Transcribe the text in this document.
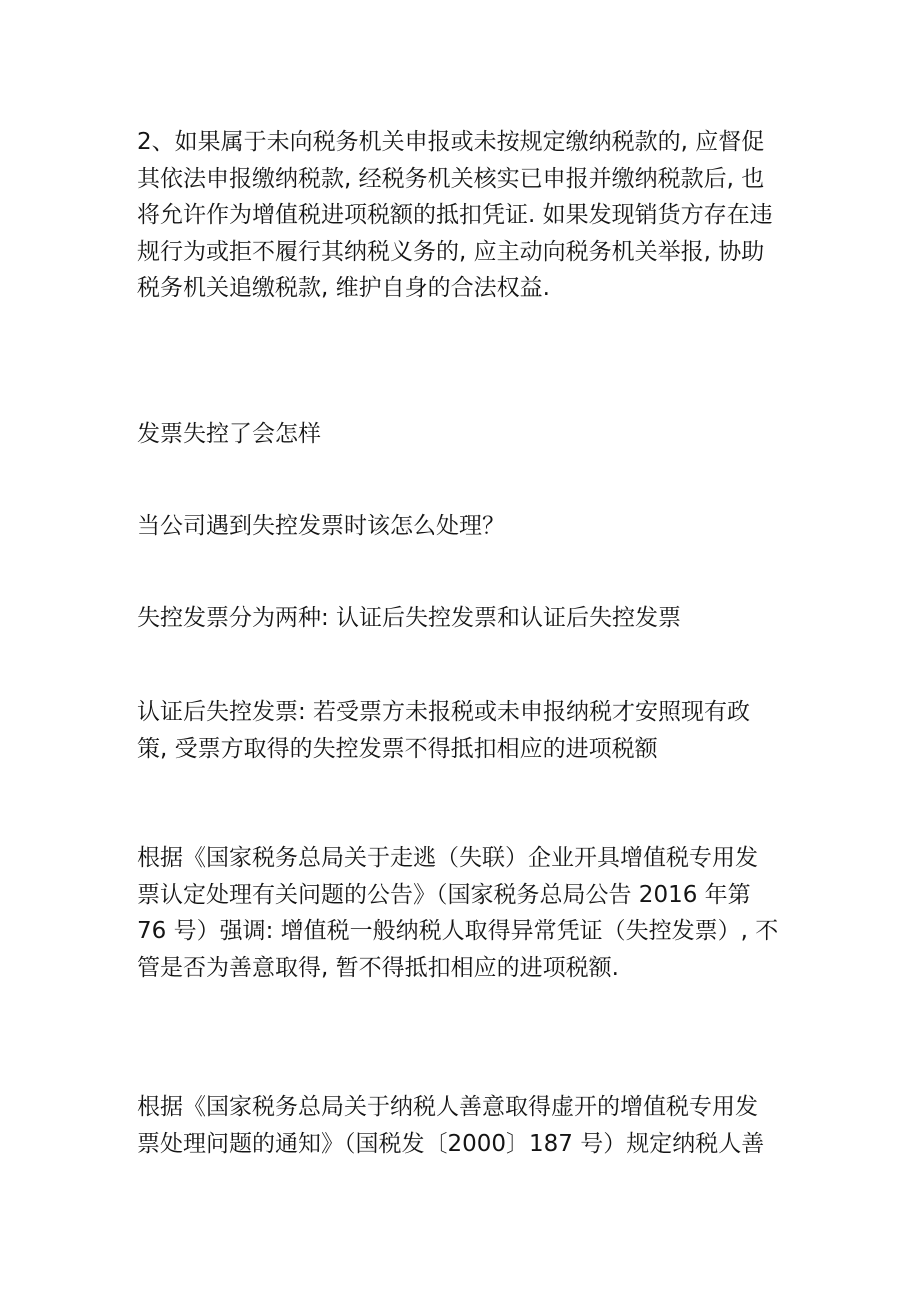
2、如果属于未向税务机关申报或未按规定缴纳税款的, 应督促
其依法申报缴纳税款, 经税务机关核实已申报并缴纳税款后, 也
将允许作为增值税进项税额的抵扣凭证. 如果发现销货方存在违
规行为或拒不履行其纳税义务的, 应主动向税务机关举报, 协助
税务机关追缴税款, 维护自身的合法权益.
发票失控了会怎样
当公司遇到失控发票时该怎么处理？
失控发票分为两种: 认证后失控发票和认证后失控发票
认证后失控发票: 若受票方未报税或未申报纳税才安照现有政
策, 受票方取得的失控发票不得抵扣相应的进项税额
根据《国家税务总局关于走逃（失联）企业开具增值税专用发
票认定处理有关问题的公告》（国家税务总局公告 2016 年第
76 号）强调: 增值税一般纳税人取得异常凭证（失控发票）, 不
管是否为善意取得, 暂不得抵扣相应的进项税额.
根据《国家税务总局关于纳税人善意取得虚开的增值税专用发
票处理问题的通知》（国税发〔2000〕187 号）规定纳税人善
